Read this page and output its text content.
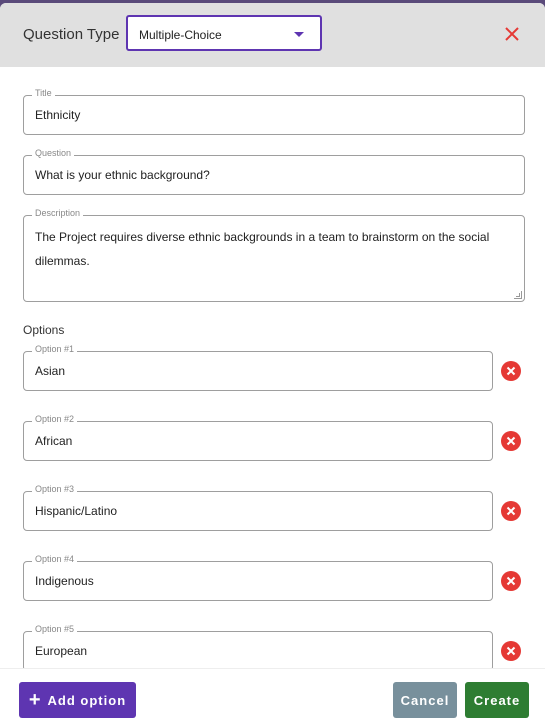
Question Type Multiple-Choice
Title
Ethnicity
Question
What is your ethnic background?
Description
The Project requires diverse ethnic backgrounds in a team to brainstorm on the social dilemmas.
Options
Option #1
Asian
Option #2
African
Option #3
Hispanic/Latino
Option #4
Indigenous
Option #5
European
+ Add option	Cancel	Create
